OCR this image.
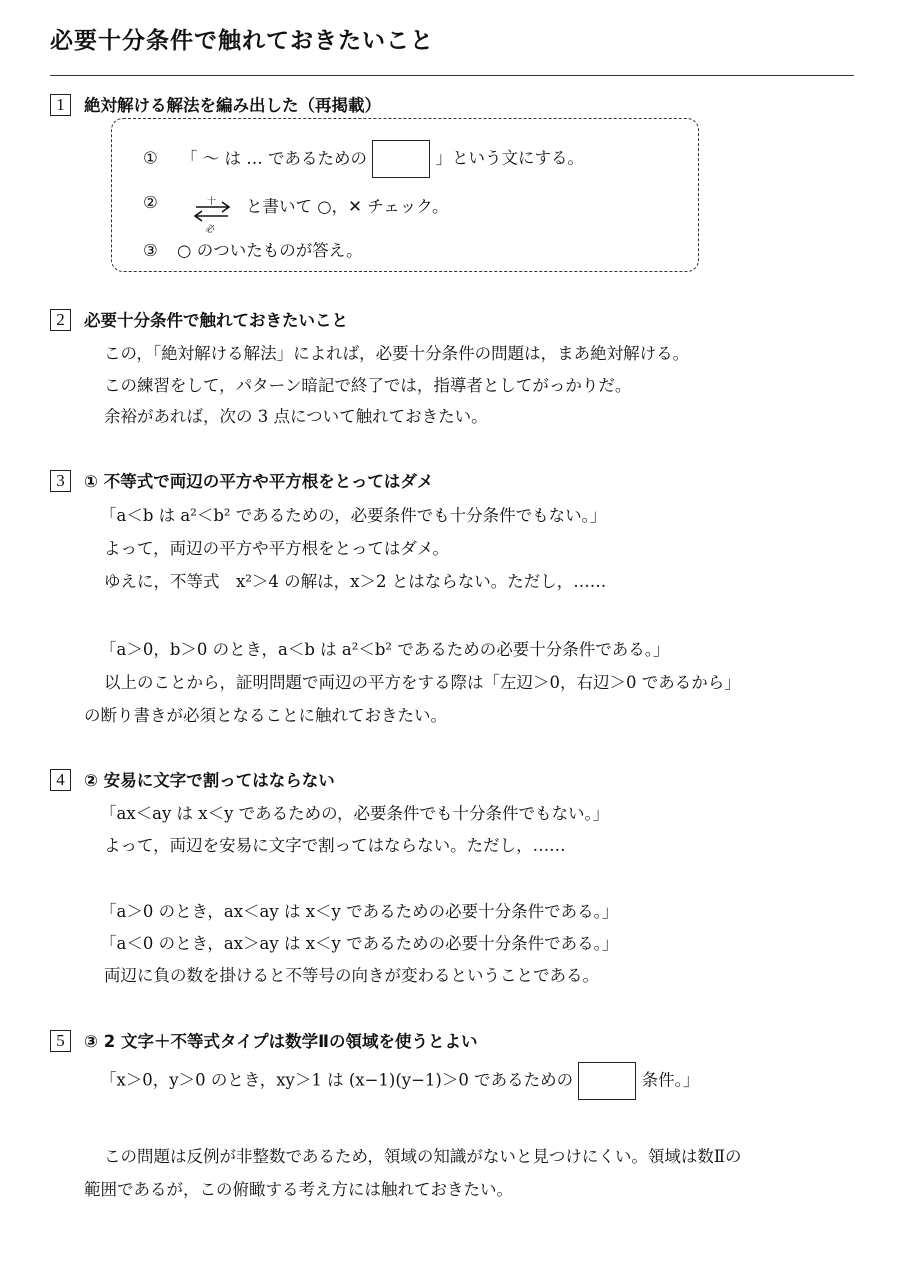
必要十分条件で触れておきたいこと
1	絶対解ける解法を編み出した（再掲載）
① 「 ～ は … であるための	」という文にする。
②	十
必
と書いて ○，✕ チェック。
③ ○ のついたものが答え。
2	必要十分条件で触れておきたいこと
この，「絶対解ける解法」によれば，必要十分条件の問題は，まあ絶対解ける。
この練習をして，パターン暗記で終了では，指導者としてがっかりだ。
余裕があれば，次の 3 点について触れておきたい。
3	① 不等式で両辺の平方や平方根をとってはダメ
「a＜b は a²＜b² であるための，必要条件でも十分条件でもない。」
よって，両辺の平方や平方根をとってはダメ。
ゆえに，不等式　x²＞4 の解は，x＞2 とはならない。ただし，……
「a＞0，b＞0 のとき，a＜b は a²＜b² であるための必要十分条件である。」
以上のことから，証明問題で両辺の平方をする際は「左辺＞0，右辺＞0 であるから」
の断り書きが必須となることに触れておきたい。
4	② 安易に文字で割ってはならない
「ax＜ay は x＜y であるための，必要条件でも十分条件でもない。」
よって，両辺を安易に文字で割ってはならない。ただし，……
「a＞0 のとき，ax＜ay は x＜y であるための必要十分条件である。」
「a＜0 のとき，ax＞ay は x＜y であるための必要十分条件である。」
両辺に負の数を掛けると不等号の向きが変わるということである。
5	③ 2 文字＋不等式タイプは数学Ⅱの領域を使うとよい
「x＞0，y＞0 のとき，xy＞1 は (x−1)(y−1)＞0 であるための	条件。」
この問題は反例が非整数であるため，領域の知識がないと見つけにくい。領域は数Ⅱの
範囲であるが，この俯瞰する考え方には触れておきたい。
